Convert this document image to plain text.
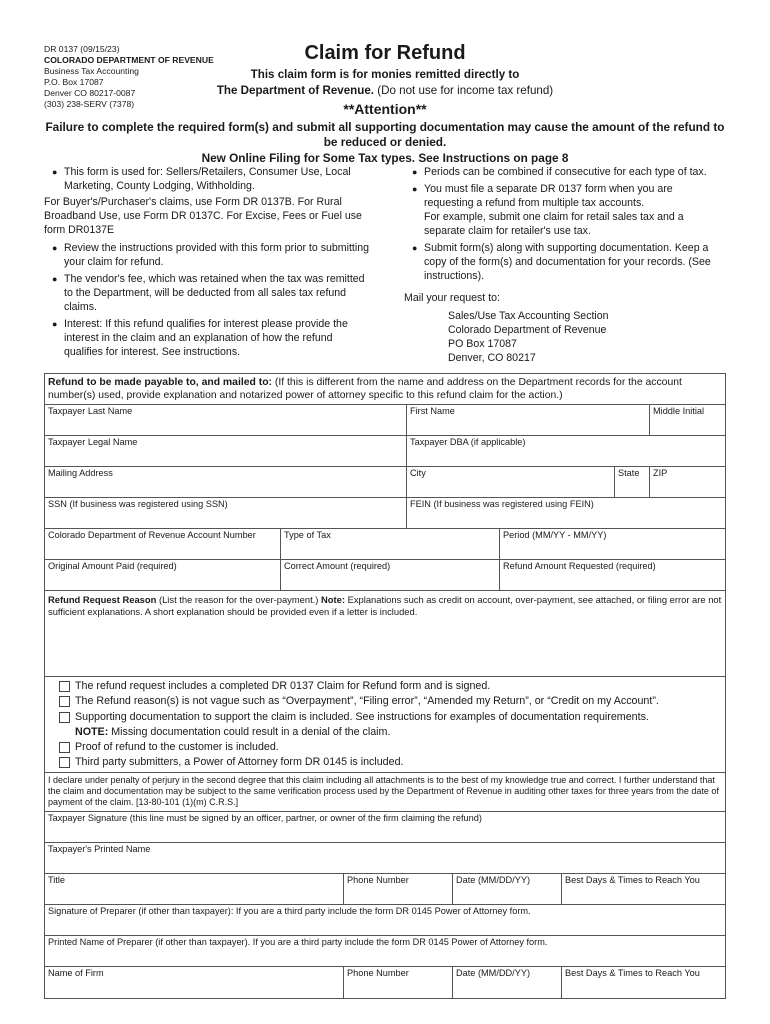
DR 0137 (09/15/23)
COLORADO DEPARTMENT OF REVENUE
Business Tax Accounting
P.O. Box 17087
Denver CO 80217-0087
(303) 238-SERV (7378)
Claim for Refund
This claim form is for monies remitted directly to
The Department of Revenue. (Do not use for income tax refund)
**Attention**
Failure to complete the required form(s) and submit all supporting documentation may cause the amount of the refund to be reduced or denied.
New Online Filing for Some Tax types. See Instructions on page 8
● This form is used for: Sellers/Retailers, Consumer Use, Local Marketing, County Lodging, Withholding.
For Buyer's/Purchaser's claims, use Form DR 0137B. For Rural Broadband Use, use Form DR 0137C. For Excise, Fees or Fuel use form DR0137E
● Review the instructions provided with this form prior to submitting your claim for refund.
● The vendor's fee, which was retained when the tax was remitted to the Department, will be deducted from all sales tax refund claims.
● Interest: If this refund qualifies for interest please provide the interest in the claim and an explanation of how the refund qualifies for interest. See instructions.
● Periods can be combined if consecutive for each type of tax.
● You must file a separate DR 0137 form when you are requesting a refund from multiple tax accounts.
For example, submit one claim for retail sales tax and a separate claim for retailer's use tax.
● Submit form(s) along with supporting documentation. Keep a copy of the form(s) and documentation for your records. (See instructions).
Mail your request to:
Sales/Use Tax Accounting Section
Colorado Department of Revenue
PO Box 17087
Denver, CO 80217
Refund to be made payable to, and mailed to: (If this is different from the name and address on the Department records for the account number(s) used, provide explanation and notarized power of attorney specific to this refund claim for the action.)
Taxpayer Last Name	First Name	Middle Initial
Taxpayer Legal Name	Taxpayer DBA (if applicable)
Mailing Address	City	State	ZIP
SSN (If business was registered using SSN)	FEIN (If business was registered using FEIN)
Colorado Department of Revenue Account Number	Type of Tax	Period (MM/YY - MM/YY)
Original Amount Paid (required)	Correct Amount (required)	Refund Amount Requested (required)
Refund Request Reason (List the reason for the over-payment.) Note: Explanations such as credit on account, over-payment, see attached, or filing error are not sufficient explanations. A short explanation should be provided even if a letter is included.
The refund request includes a completed DR 0137 Claim for Refund form and is signed.
The Refund reason(s) is not vague such as “Overpayment”, “Filing error”, “Amended my Return”, or “Credit on my Account”.
Supporting documentation to support the claim is included. See instructions for examples of documentation requirements.
NOTE: Missing documentation could result in a denial of the claim.
Proof of refund to the customer is included.
Third party submitters, a Power of Attorney form DR 0145 is included.
I declare under penalty of perjury in the second degree that this claim including all attachments is to the best of my knowledge true and correct. I further understand that the claim and documentation may be subject to the same verification process used by the Department of Revenue in auditing other taxes for three years from the date of payment of the claim. [13-80-101 (1)(m) C.R.S.]
Taxpayer Signature (this line must be signed by an officer, partner, or owner of the firm claiming the refund)
Taxpayer's Printed Name
Title	Phone Number	Date (MM/DD/YY)	Best Days & Times to Reach You
Signature of Preparer (if other than taxpayer): If you are a third party include the form DR 0145 Power of Attorney form.
Printed Name of Preparer (if other than taxpayer). If you are a third party include the form DR 0145 Power of Attorney form.
Name of Firm	Phone Number	Date (MM/DD/YY)	Best Days & Times to Reach You
